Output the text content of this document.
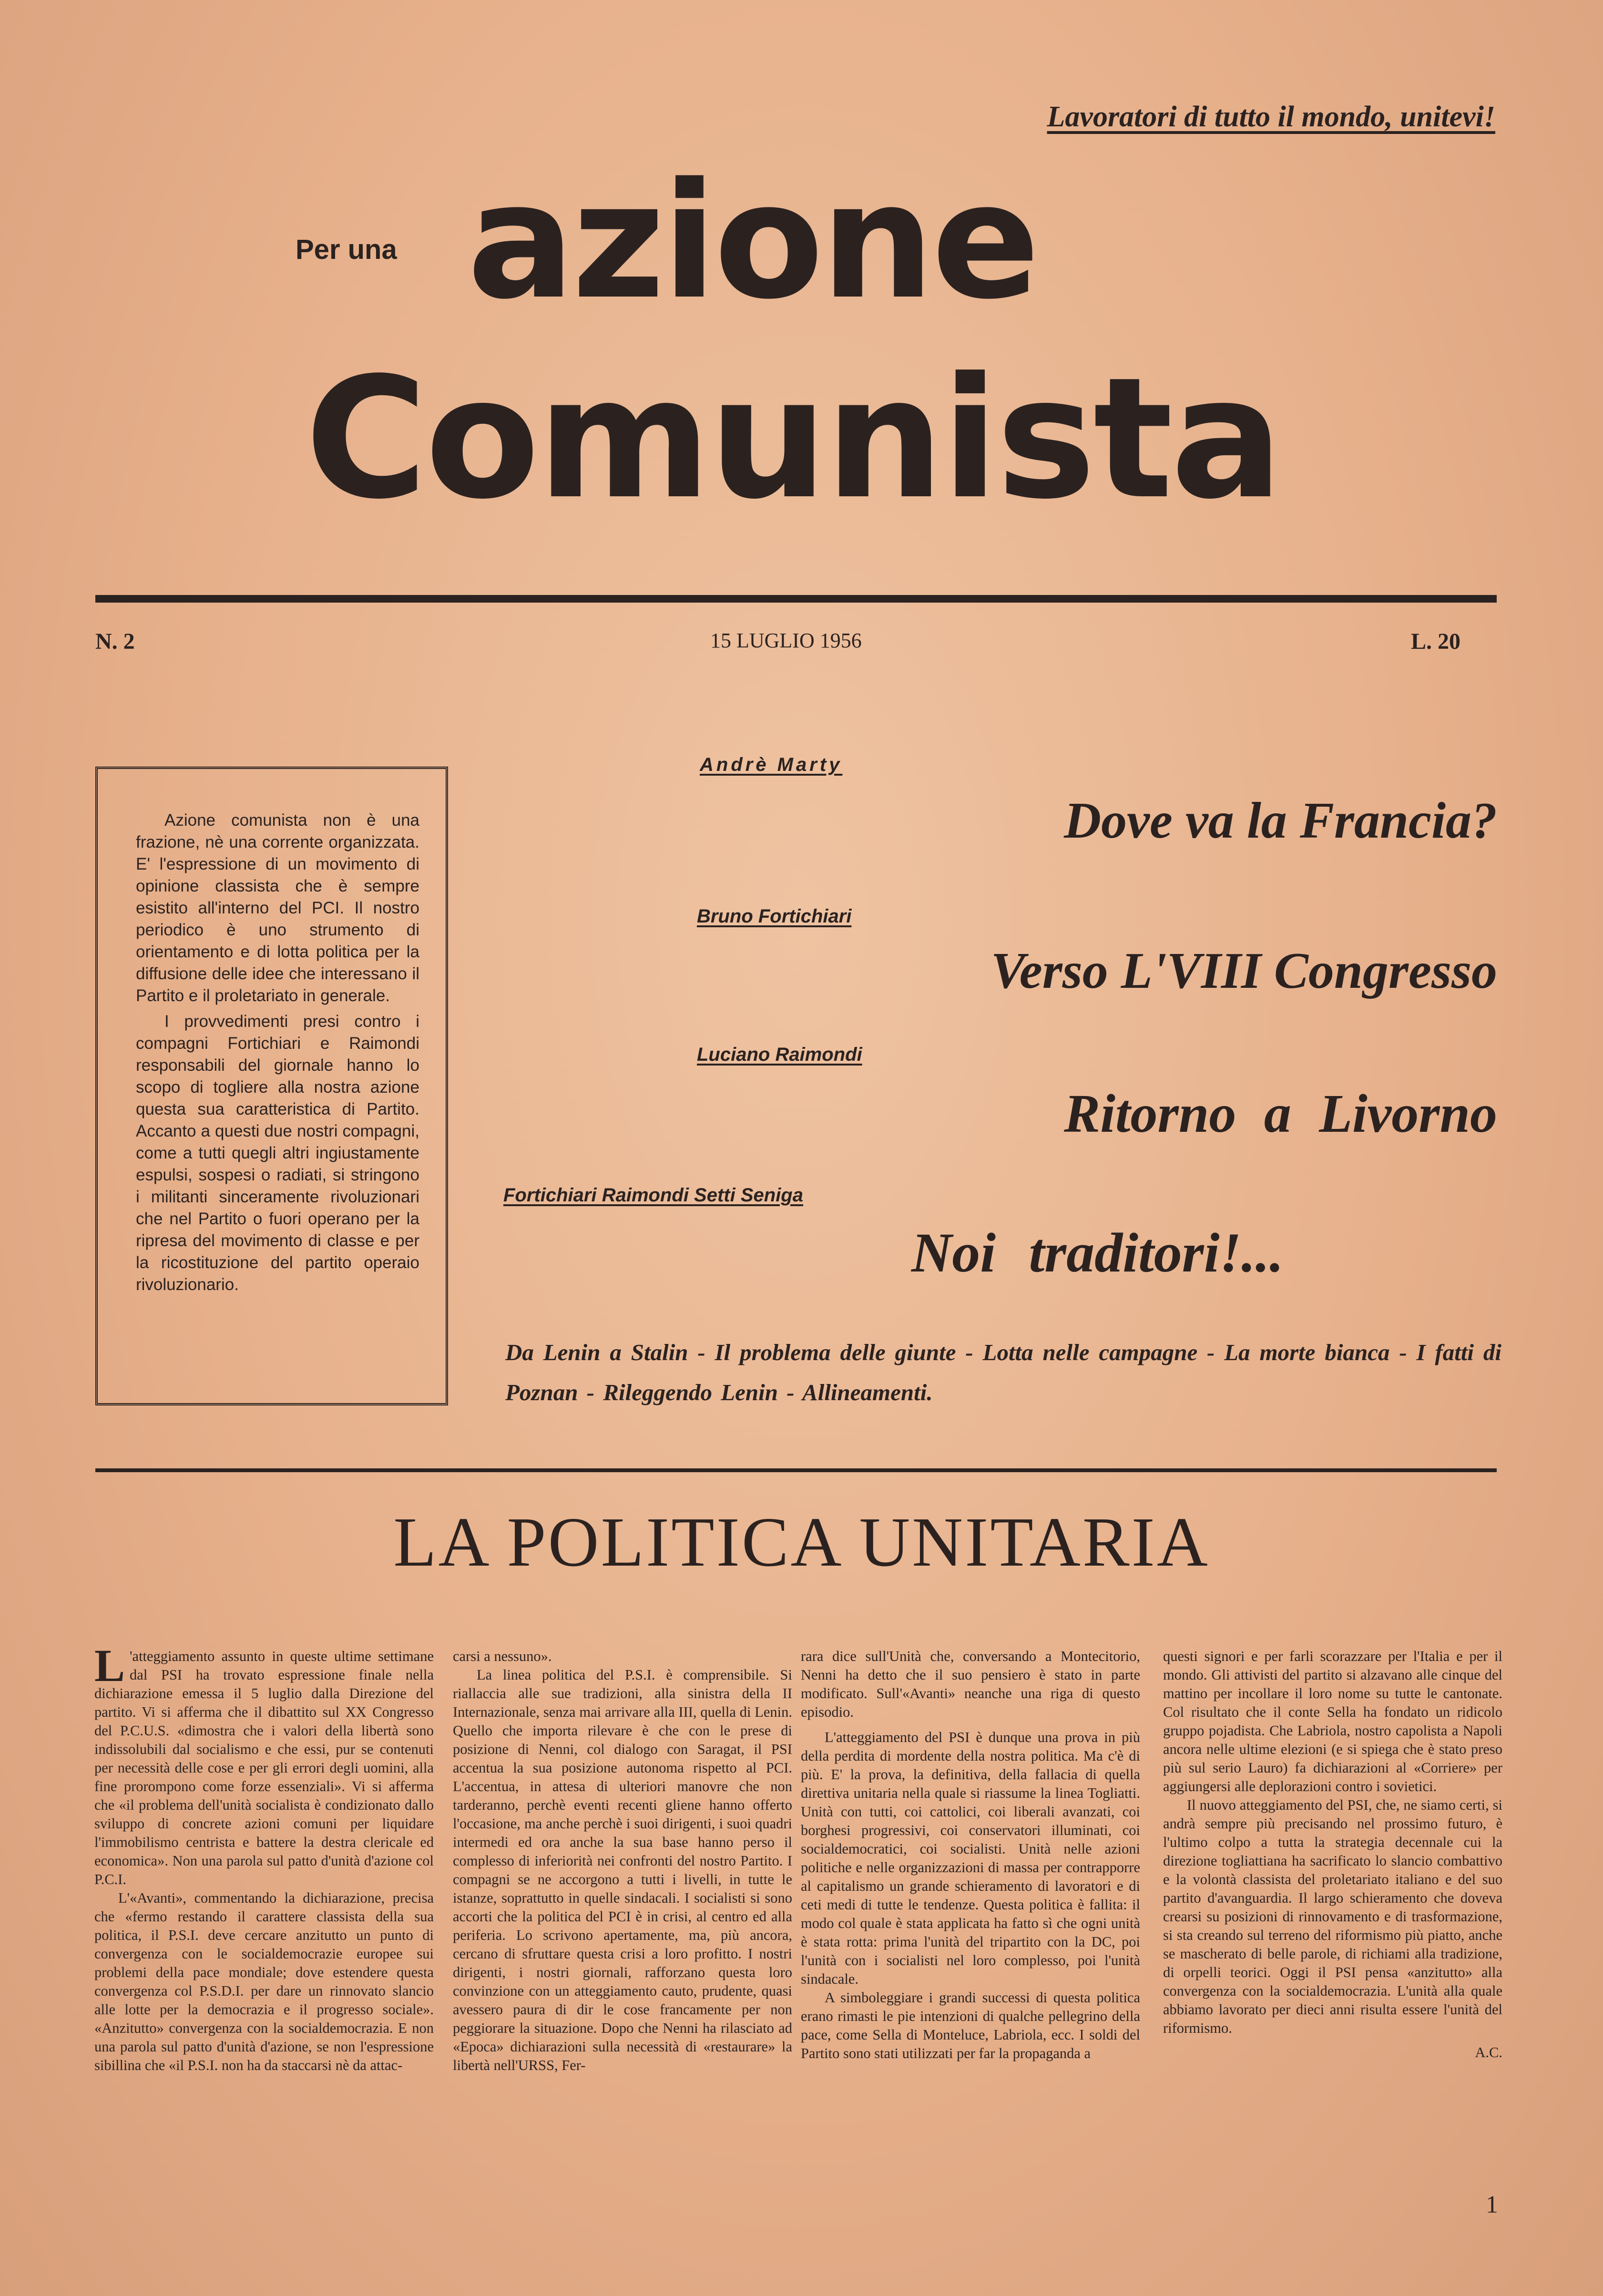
Lavoratori di tutto il mondo, unitevi!
Per una azione
Comunista
N. 2	15 LUGLIO 1956	L. 20

Azione comunista non è una frazione, nè una corrente organizzata. E' l'espressione di un movimento di opinione classista che è sempre esistito all'interno del PCI. Il nostro periodico è uno strumento di orientamento e di lotta politica per la diffusione delle idee che interessano il Partito e il proletariato in generale.

I provvedimenti presi contro i compagni Fortichiari e Raimondi responsabili del giornale hanno lo scopo di togliere alla nostra azione questa sua caratteristica di Partito. Accanto a questi due nostri compagni, come a tutti quegli altri ingiustamente espulsi, sospesi o radiati, si stringono i militanti sinceramente rivoluzionari che nel Partito o fuori operano per la ripresa del movimento di classe e per la ricostituzione del partito operaio rivoluzionario.

Andrè Marty
Dove va la Francia?
Bruno Fortichiari
Verso L'VIII Congresso
Luciano Raimondi
Ritorno a Livorno
Fortichiari Raimondi Setti Seniga
Noi traditori!...
Da Lenin a Stalin - Il problema delle giunte - Lotta nelle campagne - La morte bianca - I fatti di Poznan - Rileggendo Lenin - Allineamenti.
LA POLITICA UNITARIA

L 'atteggiamento assunto in queste ultime settimane dal PSI ha trovato espressione finale nella dichiarazione emessa il 5 luglio dalla Direzione del partito. Vi si afferma che il dibattito sul XX Congresso del P.C.U.S. «dimostra che i valori della libertà sono indissolubili dal socialismo e che essi, pur se contenuti per necessità delle cose e per gli errori degli uomini, alla fine prorompono come forze essenziali». Vi si afferma che «il problema dell'unità socialista è condizionato dallo sviluppo di concrete azioni comuni per liquidare l'immobilismo centrista e battere la destra clericale ed economica». Non una parola sul patto d'unità d'azione col P.C.I.

L'«Avanti», commentando la dichiarazione, precisa che «fermo restando il carattere classista della sua politica, il P.S.I. deve cercare anzitutto un punto di convergenza con le socialdemocrazie europee sui problemi della pace mondiale; dove estendere questa convergenza col P.S.D.I. per dare un rinnovato slancio alle lotte per la democrazia e il progresso sociale». «Anzitutto» convergenza con la socialdemocrazia. E non una parola sul patto d'unità d'azione, se non l'espressione sibillina che «il P.S.I. non ha da staccarsi nè da attac-

carsi a nessuno».

La linea politica del P.S.I. è comprensibile. Si riallaccia alle sue tradizioni, alla sinistra della II Internazionale, senza mai arrivare alla III, quella di Lenin. Quello che importa rilevare è che con le prese di posizione di Nenni, col dialogo con Saragat, il PSI accentua la sua posizione autonoma rispetto al PCI. L'accentua, in attesa di ulteriori manovre che non tarderanno, perchè eventi recenti gliene hanno offerto l'occasione, ma anche perchè i suoi dirigenti, i suoi quadri intermedi ed ora anche la sua base hanno perso il complesso di inferiorità nei confronti del nostro Partito. I compagni se ne accorgono a tutti i livelli, in tutte le istanze, soprattutto in quelle sindacali. I socialisti si sono accorti che la politica del PCI è in crisi, al centro ed alla periferia. Lo scrivono apertamente, ma, più ancora, cercano di sfruttare questa crisi a loro profitto. I nostri dirigenti, i nostri giornali, rafforzano questa loro convinzione con un atteggiamento cauto, prudente, quasi avessero paura di dir le cose francamente per non peggiorare la situazione. Dopo che Nenni ha rilasciato ad «Epoca» dichiarazioni sulla necessità di «restaurare» la libertà nell'URSS, Fer-

rara dice sull'Unità che, conversando a Montecitorio, Nenni ha detto che il suo pensiero è stato in parte modificato. Sull'«Avanti» neanche una riga di questo episodio.

L'atteggiamento del PSI è dunque una prova in più della perdita di mordente della nostra politica. Ma c'è di più. E' la prova, la definitiva, della fallacia di quella direttiva unitaria nella quale si riassume la linea Togliatti. Unità con tutti, coi cattolici, coi liberali avanzati, coi borghesi progressivi, coi conservatori illuminati, coi socialdemocratici, coi socialisti. Unità nelle azioni politiche e nelle organizzazioni di massa per contrapporre al capitalismo un grande schieramento di lavoratori e di ceti medi di tutte le tendenze. Questa politica è fallita: il modo col quale è stata applicata ha fatto sì che ogni unità è stata rotta: prima l'unità del tripartito con la DC, poi l'unità con i socialisti nel loro complesso, poi l'unità sindacale.

A simboleggiare i grandi successi di questa politica erano rimasti le pie intenzioni di qualche pellegrino della pace, come Sella di Monteluce, Labriola, ecc. I soldi del Partito sono stati utilizzati per far la propaganda a

questi signori e per farli scorazzare per l'Italia e per il mondo. Gli attivisti del partito si alzavano alle cinque del mattino per incollare il loro nome su tutte le cantonate. Col risultato che il conte Sella ha fondato un ridicolo gruppo pojadista. Che Labriola, nostro capolista a Napoli ancora nelle ultime elezioni (e si spiega che è stato preso più sul serio Lauro) fa dichiarazioni al «Corriere» per aggiungersi alle deplorazioni contro i sovietici.

Il nuovo atteggiamento del PSI, che, ne siamo certi, si andrà sempre più precisando nel prossimo futuro, è l'ultimo colpo a tutta la strategia decennale cui la direzione togliattiana ha sacrificato lo slancio combattivo e la volontà classista del proletariato italiano e del suo partito d'avanguardia. Il largo schieramento che doveva crearsi su posizioni di rinnovamento e di trasformazione, si sta creando sul terreno del riformismo più piatto, anche se mascherato di belle parole, di richiami alla tradizione, di orpelli teorici. Oggi il PSI pensa «anzitutto» alla convergenza con la socialdemocrazia. L'unità alla quale abbiamo lavorato per dieci anni risulta essere l'unità del riformismo.

A.C.
1
